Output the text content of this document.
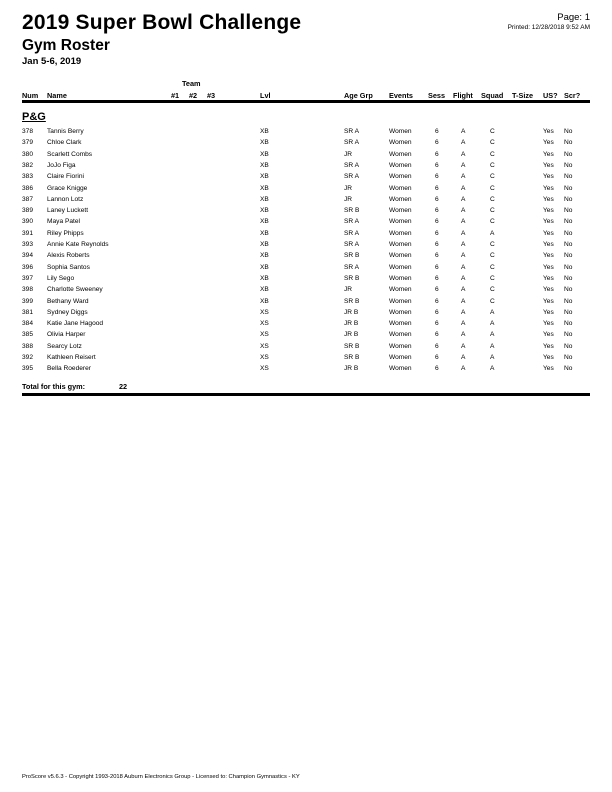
2019 Super Bowl Challenge
Gym Roster
Jan 5-6, 2019
Page: 1
Printed: 12/28/2018 9:52 AM
Team
Num Name	#1 #2 #3	Lvl	Age Grp Events Sess Flight Squad T-Size US? Scr?
P&G
378 Tannis Berry	XB	SR A	Women	6	A	C	Yes No
379 Chloe Clark	XB	SR A	Women	6	A	C	Yes No
380 Scarlett Combs	XB	JR	Women	6	A	C	Yes No
382 JoJo Figa	XB	SR A	Women	6	A	C	Yes No
383 Claire Fiorini	XB	SR A	Women	6	A	C	Yes No
386 Grace Knigge	XB	JR	Women	6	A	C	Yes No
387 Lannon Lotz	XB	JR	Women	6	A	C	Yes No
389 Laney Luckett	XB	SR B	Women	6	A	C	Yes No
390 Maya Patel	XB	SR A	Women	6	A	C	Yes No
391 Riley Phipps	XB	SR A	Women	6	A	A	Yes No
393 Annie Kate Reynolds	XB	SR A	Women	6	A	C	Yes No
394 Alexis Roberts	XB	SR B	Women	6	A	C	Yes No
396 Sophia Santos	XB	SR A	Women	6	A	C	Yes No
397 Lily Sego	XB	SR B	Women	6	A	C	Yes No
398 Charlotte Sweeney	XB	JR	Women	6	A	C	Yes No
399 Bethany Ward	XB	SR B	Women	6	A	C	Yes No
381 Sydney Diggs	XS	JR B	Women	6	A	A	Yes No
384 Katie Jane Hagood	XS	JR B	Women	6	A	A	Yes No
385 Olivia Harper	XS	JR B	Women	6	A	A	Yes No
388 Searcy Lotz	XS	SR B	Women	6	A	A	Yes No
392 Kathleen Reisert	XS	SR B	Women	6	A	A	Yes No
395 Bella Roederer	XS	JR B	Women	6	A	A	Yes No
Total for this gym:	22
ProScore v5.6.3 - Copyright 1993-2018 Auburn Electronics Group - Licensed to: Champion Gymnastics - KY
